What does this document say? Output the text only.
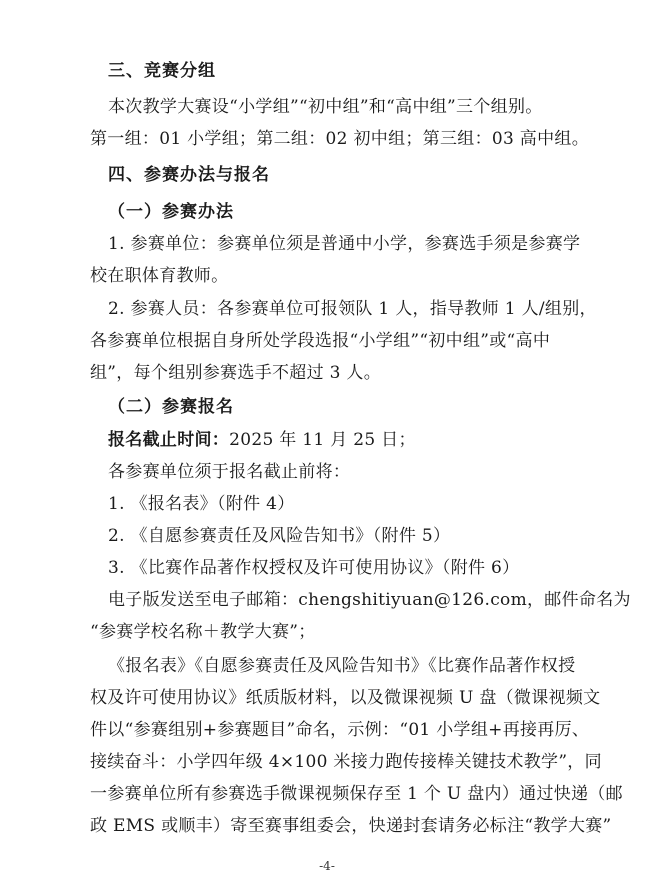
三、竞赛分组
本次教学大赛设“小学组”“初中组”和“高中组”三个组别。
第一组：01 小学组；第二组：02 初中组；第三组：03 高中组。
四、参赛办法与报名
（一）参赛办法
1. 参赛单位：参赛单位须是普通中小学，参赛选手须是参赛学
校在职体育教师。
2. 参赛人员：各参赛单位可报领队 1 人，指导教师 1 人/组别，
各参赛单位根据自身所处学段选报“小学组”“初中组”或“高中
组”，每个组别参赛选手不超过 3 人。
（二）参赛报名
报名截止时间：2025 年 11 月 25 日；
各参赛单位须于报名截止前将：
1. 《报名表》（附件 4）
2. 《自愿参赛责任及风险告知书》（附件 5）
3. 《比赛作品著作权授权及许可使用协议》（附件 6）
电子版发送至电子邮箱：chengshitiyuan@126.com，邮件命名为
“参赛学校名称＋教学大赛”；
《报名表》《自愿参赛责任及风险告知书》《比赛作品著作权授
权及许可使用协议》纸质版材料，以及微课视频 U 盘（微课视频文
件以“参赛组别+参赛题目”命名，示例：“01 小学组+再接再厉、
接续奋斗：小学四年级 4×100 米接力跑传接棒关键技术教学”，同
一参赛单位所有参赛选手微课视频保存至 1 个 U 盘内）通过快递（邮
政 EMS 或顺丰）寄至赛事组委会，快递封套请务必标注“教学大赛”
-4-
